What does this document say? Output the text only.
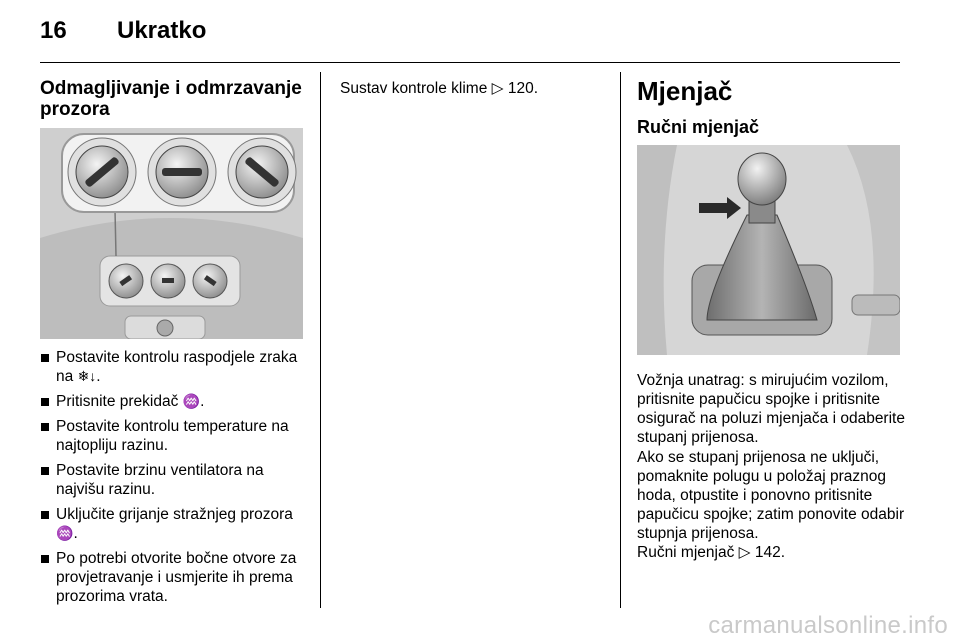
16 Ukratko
Odmagljivanje i odmrzavanje prozora
Postavite kontrolu raspodjele zraka na ❄↓.
Pritisnite prekidač ♒.
Postavite kontrolu temperature na najtopliju razinu.
Postavite brzinu ventilatora na najvišu razinu.
Uključite grijanje stražnjeg prozora ♒.
Po potrebi otvorite bočne otvore za provjetravanje i usmjerite ih prema prozorima vrata.
Sustav kontrole klime ▷ 120.	Mjenjač
Ručni mjenjač
Vožnja unatrag: s mirujućim vozilom, pritisnite papučicu spojke i pritisnite osigurač na poluzi mjenjača i odaberite stupanj prijenosa.
Ako se stupanj prijenosa ne uključi, pomaknite polugu u položaj praznog hoda, otpustite i ponovno pritisnite papučicu spojke; zatim ponovite odabir stupnja prijenosa.
Ručni mjenjač ▷ 142.
carmanualsonline.info
